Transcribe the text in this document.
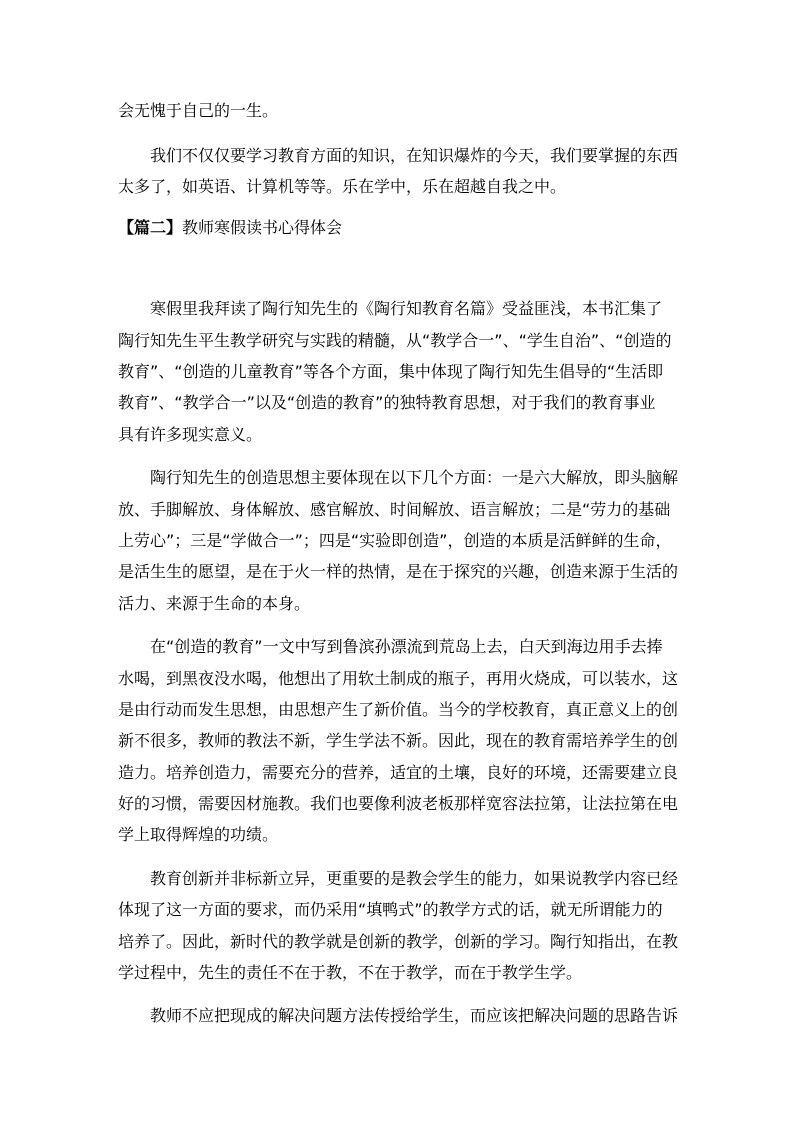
会无愧于自己的一生。
我们不仅仅要学习教育方面的知识，在知识爆炸的今天，我们要掌握的东西
太多了，如英语、计算机等等。乐在学中，乐在超越自我之中。
【篇二】教师寒假读书心得体会
寒假里我拜读了陶行知先生的《陶行知教育名篇》受益匪浅，本书汇集了
陶行知先生平生教学研究与实践的精髓，从“教学合一”、“学生自治”、“创造的
教育”、“创造的儿童教育”等各个方面，集中体现了陶行知先生倡导的“生活即
教育”、“教学合一”以及“创造的教育”的独特教育思想，对于我们的教育事业
具有许多现实意义。
陶行知先生的创造思想主要体现在以下几个方面：一是六大解放，即头脑解
放、手脚解放、身体解放、感官解放、时间解放、语言解放；二是“劳力的基础
上劳心”；三是“学做合一”；四是“实验即创造”，创造的本质是活鲜鲜的生命，
是活生生的愿望，是在于火一样的热情，是在于探究的兴趣，创造来源于生活的
活力、来源于生命的本身。
在“创造的教育”一文中写到鲁滨孙漂流到荒岛上去，白天到海边用手去捧
水喝，到黑夜没水喝，他想出了用软土制成的瓶子，再用火烧成，可以装水，这
是由行动而发生思想，由思想产生了新价值。当今的学校教育，真正意义上的创
新不很多，教师的教法不新，学生学法不新。因此，现在的教育需培养学生的创
造力。培养创造力，需要充分的营养，适宜的土壤，良好的环境，还需要建立良
好的习惯，需要因材施教。我们也要像利波老板那样宽容法拉第，让法拉第在电
学上取得辉煌的功绩。
教育创新并非标新立异，更重要的是教会学生的能力，如果说教学内容已经
体现了这一方面的要求，而仍采用“填鸭式”的教学方式的话，就无所谓能力的
培养了。因此，新时代的教学就是创新的教学，创新的学习。陶行知指出，在教
学过程中，先生的责任不在于教，不在于教学，而在于教学生学。
教师不应把现成的解决问题方法传授给学生，而应该把解决问题的思路告诉
